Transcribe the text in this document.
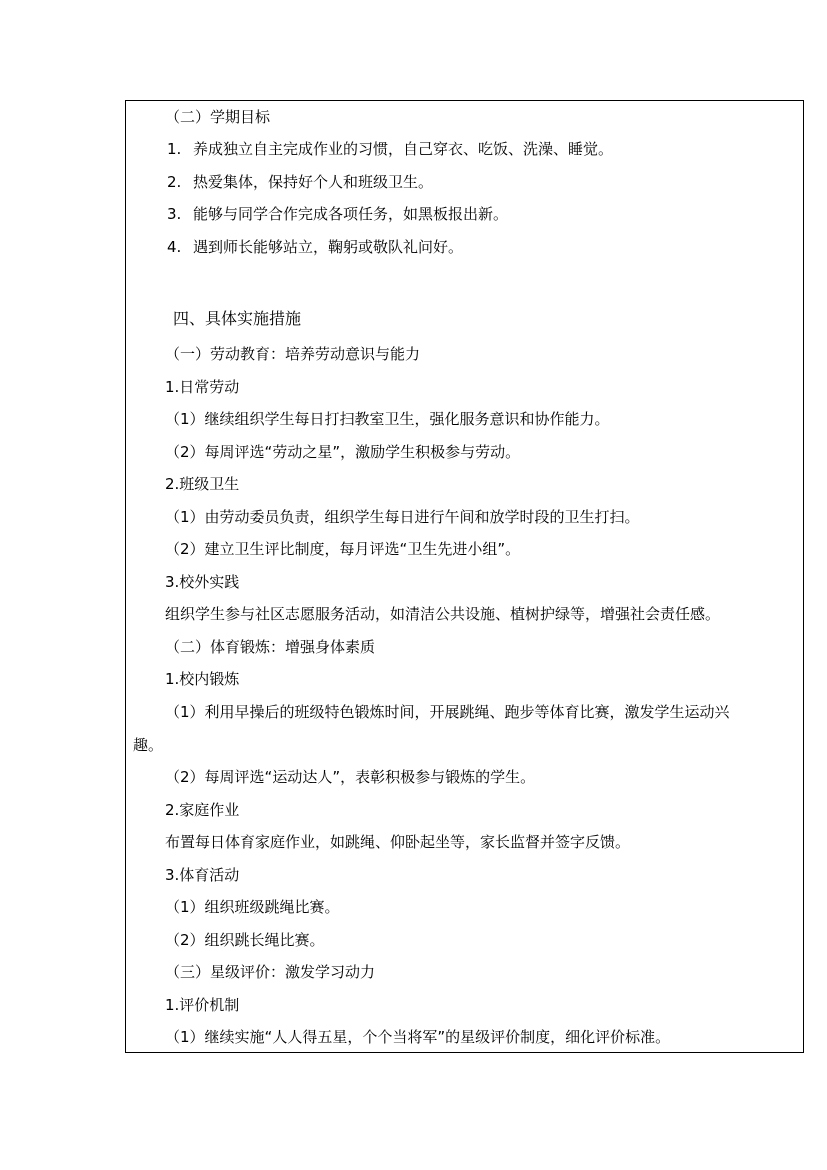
（二）学期目标
1. 养成独立自主完成作业的习惯，自己穿衣、吃饭、洗澡、睡觉。
2. 热爱集体，保持好个人和班级卫生。
3. 能够与同学合作完成各项任务，如黑板报出新。
4. 遇到师长能够站立，鞠躬或敬队礼问好。
四、具体实施措施
（一）劳动教育：培养劳动意识与能力
1.日常劳动
（1）继续组织学生每日打扫教室卫生，强化服务意识和协作能力。
（2）每周评选“劳动之星”，激励学生积极参与劳动。
2.班级卫生
（1）由劳动委员负责，组织学生每日进行午间和放学时段的卫生打扫。
（2）建立卫生评比制度，每月评选“卫生先进小组”。
3.校外实践
组织学生参与社区志愿服务活动，如清洁公共设施、植树护绿等，增强社会责任感。
（二）体育锻炼：增强身体素质
1.校内锻炼
（1）利用早操后的班级特色锻炼时间，开展跳绳、跑步等体育比赛，激发学生运动兴
趣。
（2）每周评选“运动达人”，表彰积极参与锻炼的学生。
2.家庭作业
布置每日体育家庭作业，如跳绳、仰卧起坐等，家长监督并签字反馈。
3.体育活动
（1）组织班级跳绳比赛。
（2）组织跳长绳比赛。
（三）星级评价：激发学习动力
1.评价机制
（1）继续实施“人人得五星，个个当将军”的星级评价制度，细化评价标准。
